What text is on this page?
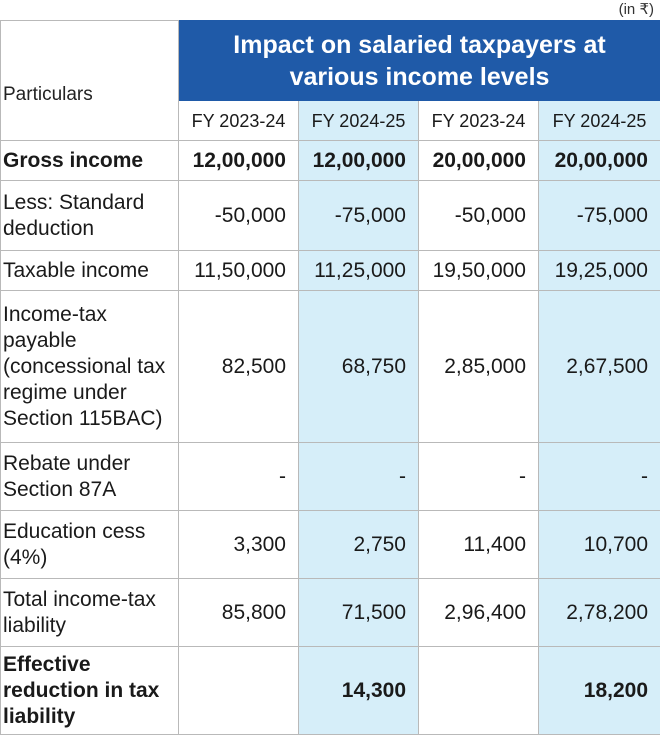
(in ₹)
Particulars	Impact on salaried taxpayers at various income levels			
	FY 2023-24	FY 2024-25	FY 2023-24	FY 2024-25
Gross income	12,00,000	12,00,000	20,00,000	20,00,000
Less: Standard deduction	-50,000	-75,000	-50,000	-75,000
Taxable income	11,50,000	11,25,000	19,50,000	19,25,000
Income-tax payable (concessional tax regime under Section 115BAC)	82,500	68,750	2,85,000	2,67,500
Rebate under Section 87A	-	-	-	-
Education cess (4%)	3,300	2,750	11,400	10,700
Total income-tax liability	85,800	71,500	2,96,400	2,78,200
Effective reduction in tax liability		14,300		18,200
